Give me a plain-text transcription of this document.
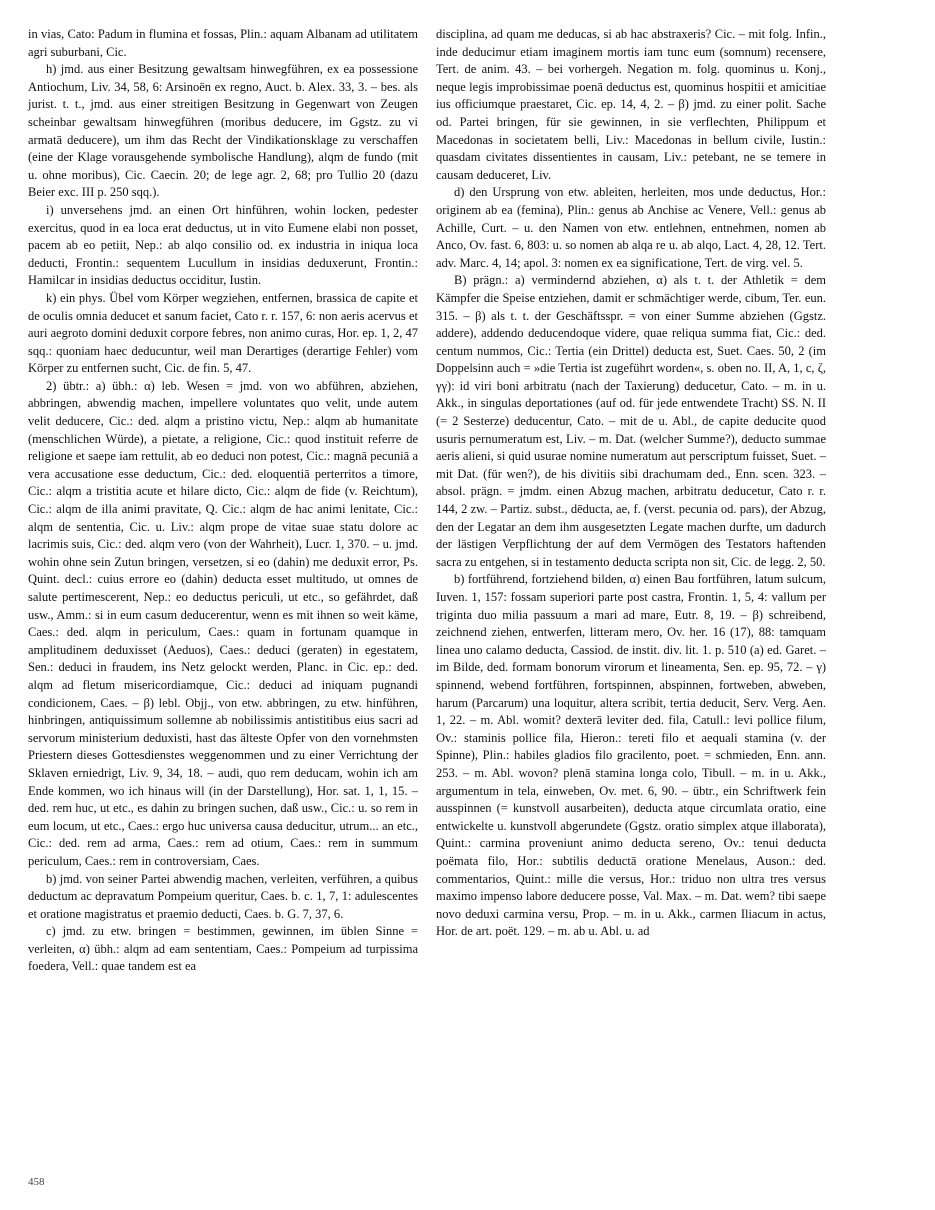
in vias, Cato: Padum in flumina et fossas, Plin.: aquam Albanam ad utilitatem agri suburbani, Cic.

h) jmd. aus einer Besitzung gewaltsam hinwegführen, ex ea possessione Antiochum, Liv. 34, 58, 6: Arsinoën ex regno, Auct. b. Alex. 33, 3. – bes. als jurist. t. t., jmd. aus einer streitigen Besitzung in Gegenwart von Zeugen scheinbar gewaltsam hinwegführen (moribus deducere, im Ggstz. zu vi armatā deducere), um ihm das Recht der Vindikationsklage zu verschaffen (eine der Klage vorausgehende symbolische Handlung), alqm de fundo (mit u. ohne moribus), Cic. Caecin. 20; de lege agr. 2, 68; pro Tullio 20 (dazu Beier exc. III p. 250 sqq.).

i) unversehens jmd. an einen Ort hinführen, wohin locken, pedester exercitus, quod in ea loca erat deductus, ut in vito Eumene elabi non posset, pacem ab eo petiit, Nep.: ab alqo consilio od. ex industria in iniqua loca deducti, Frontin.: sequentem Lucullum in insidias deduxerunt, Frontin.: Hamilcar in insidias deductus occiditur, Iustin.

k) ein phys. Übel vom Körper wegziehen, entfernen, brassica de capite et de oculis omnia deducet et sanum faciet, Cato r. r. 157, 6: non aeris acervus et auri aegroto domini deduxit corpore febres, non animo curas, Hor. ep. 1, 2, 47 sqq.: quoniam haec deducuntur, weil man Derartiges (derartige Fehler) vom Körper zu entfernen sucht, Cic. de fin. 5, 47.

2) übtr.: a) übh.: α) leb. Wesen = jmd. von wo abführen, abziehen, abbringen, abwendig machen, impellere voluntates quo velit, unde autem velit deducere, Cic.: ded. alqm a pristino victu, Nep.: alqm ab humanitate (menschlichen Würde), a pietate, a religione, Cic.: quod instituit referre de religione et saepe iam rettulit, ab eo deduci non potest, Cic.: magnā pecuniā a vera accusatione esse deductum, Cic.: ded. eloquentiā perterritos a timore, Cic.: alqm a tristitia acute et hilare dicto, Cic.: alqm de fide (v. Reichtum), Cic.: alqm de illa animi pravitate, Q. Cic.: alqm de hac animi lenitate, Cic.: alqm de sententia, Cic. u. Liv.: alqm prope de vitae suae statu dolore ac lacrimis suis, Cic.: ded. alqm vero (von der Wahrheit), Lucr. 1, 370. – u. jmd. wohin ohne sein Zutun bringen, versetzen, si eo (dahin) me deduxit error, Ps. Quint. decl.: cuius errore eo (dahin) deducta esset multitudo, ut omnes de salute pertimescerent, Nep.: eo deductus periculi, ut etc., so gefährdet, daß usw., Amm.: si in eum casum deducerentur, wenn es mit ihnen so weit käme, Caes.: ded. alqm in periculum, Caes.: quam in fortunam quamque in amplitudinem deduxisset (Aeduos), Caes.: deduci (geraten) in egestatem, Sen.: deduci in fraudem, ins Netz gelockt werden, Planc. in Cic. ep.: ded. alqm ad fletum misericordiamque, Cic.: deduci ad iniquam pugnandi condicionem, Caes. – β) lebl. Objj., von etw. abbringen, zu etw. hinführen, hinbringen, antiquissimum sollemne ab nobilissimis antistitibus eius sacri ad servorum ministerium deduxisti, hast das älteste Opfer von den vornehmsten Priestern dieses Gottesdienstes weggenommen und zu einer Verrichtung der Sklaven erniedrigt, Liv. 9, 34, 18. – audi, quo rem deducam, wohin ich am Ende kommen, wo ich hinaus will (in der Darstellung), Hor. sat. 1, 1, 15. – ded. rem huc, ut etc., es dahin zu bringen suchen, daß usw., Cic.: u. so rem in eum locum, ut etc., Caes.: ergo huc universa causa deducitur, utrum... an etc., Cic.: ded. rem ad arma, Caes.: rem ad otium, Caes.: rem in summum periculum, Caes.: rem in controversiam, Caes.

b) jmd. von seiner Partei abwendig machen, verleiten, verführen, a quibus deductum ac depravatum Pompeium queritur, Caes. b. c. 1, 7, 1: adulescentes et oratione magistratus et praemio deducti, Caes. b. G. 7, 37, 6.

c) jmd. zu etw. bringen = bestimmen, gewinnen, im üblen Sinne = verleiten, α) übh.: alqm ad eam sententiam, Caes.: Pompeium ad turpissima foedera, Vell.: quae tandem est ea

disciplina, ad quam me deducas, si ab hac abstraxeris? Cic. – mit folg. Infin., inde deducimur etiam imaginem mortis iam tunc eum (somnum) recensere, Tert. de anim. 43. – bei vorhergeh. Negation m. folg. quominus u. Konj., neque legis improbissimae poenā deductus est, quominus hospitii et amicitiae ius officiumque praestaret, Cic. ep. 14, 4, 2. – β) jmd. zu einer polit. Sache od. Partei bringen, für sie gewinnen, in sie verflechten, Philippum et Macedonas in societatem belli, Liv.: Macedonas in bellum civile, Iustin.: quasdam civitates dissentientes in causam, Liv.: petebant, ne se temere in causam deduceret, Liv.

d) den Ursprung von etw. ableiten, herleiten, mos unde deductus, Hor.: originem ab ea (femina), Plin.: genus ab Anchise ac Venere, Vell.: genus ab Achille, Curt. – u. den Namen von etw. entlehnen, entnehmen, nomen ab Anco, Ov. fast. 6, 803: u. so nomen ab alqa re u. ab alqo, Lact. 4, 28, 12. Tert. adv. Marc. 4, 14; apol. 3: nomen ex ea significatione, Tert. de virg. vel. 5.

B) prägn.: a) vermindernd abziehen, α) als t. t. der Athletik = dem Kämpfer die Speise entziehen, damit er schmächtiger werde, cibum, Ter. eun. 315. – β) als t. t. der Geschäftsspr. = von einer Summe abziehen (Ggstz. addere), addendo deducendoque videre, quae reliqua summa fiat, Cic.: ded. centum nummos, Cic.: Tertia (ein Drittel) deducta est, Suet. Caes. 50, 2 (im Doppelsinn auch = »die Tertia ist zugeführt worden«, s. oben no. II, A, 1, c, ζ, γγ): id viri boni arbitratu (nach der Taxierung) deducetur, Cato. – m. in u. Akk., in singulas deportationes (auf od. für jede entwendete Tracht) SS. N. II (= 2 Sesterze) deducentur, Cato. – mit de u. Abl., de capite deducite quod usuris pernumeratum est, Liv. – m. Dat. (welcher Summe?), deducto summae aeris alieni, si quid usurae nomine numeratum aut perscriptum fuisset, Suet. – mit Dat. (für wen?), de his divitiis sibi drachumam ded., Enn. scen. 323. – absol. prägn. = jmdm. einen Abzug machen, arbitratu deducetur, Cato r. r. 144, 2 zw. – Partiz. subst., dēducta, ae, f. (verst. pecunia od. pars), der Abzug, den der Legatar an dem ihm ausgesetzten Legate machen durfte, um dadurch der lästigen Verpflichtung der auf dem Vermögen des Testators haftenden sacra zu entgehen, si in testamento deducta scripta non sit, Cic. de legg. 2, 50.

b) fortführend, fortziehend bilden, α) einen Bau fortführen, latum sulcum, Iuven. 1, 157: fossam superiori parte post castra, Frontin. 1, 5, 4: vallum per triginta duo milia passuum a mari ad mare, Eutr. 8, 19. – β) schreibend, zeichnend ziehen, entwerfen, litteram mero, Ov. her. 16 (17), 88: tamquam linea uno calamo deducta, Cassiod. de instit. div. lit. 1. p. 510 (a) ed. Garet. – im Bilde, ded. formam bonorum virorum et lineamenta, Sen. ep. 95, 72. – γ) spinnend, webend fortführen, fortspinnen, abspinnen, fortweben, abweben, harum (Parcarum) una loquitur, altera scribit, tertia deducit, Serv. Verg. Aen. 1, 22. – m. Abl. womit? dexterā leviter ded. fila, Catull.: levi pollice filum, Ov.: staminis pollice fila, Hieron.: tereti filo et aequali stamina (v. der Spinne), Plin.: habiles gladios filo gracilento, poet. = schmieden, Enn. ann. 253. – m. Abl. wovon? plenā stamina longa colo, Tibull. – m. in u. Akk., argumentum in tela, einweben, Ov. met. 6, 90. – übtr., ein Schriftwerk fein ausspinnen (= kunstvoll ausarbeiten), deducta atque circumlata oratio, eine entwickelte u. kunstvoll abgerundete (Ggstz. oratio simplex atque illaborata), Quint.: carmina proveniunt animo deducta sereno, Ov.: tenui deducta poëmata filo, Hor.: subtilis deductā oratione Menelaus, Auson.: ded. commentarios, Quint.: mille die versus, Hor.: triduo non ultra tres versus maximo impenso labore deducere posse, Val. Max. – m. Dat. wem? tibi saepe novo deduxi carmina versu, Prop. – m. in u. Akk., carmen Iliacum in actus, Hor. de art. poët. 129. – m. ab u. Abl. u. ad

458
